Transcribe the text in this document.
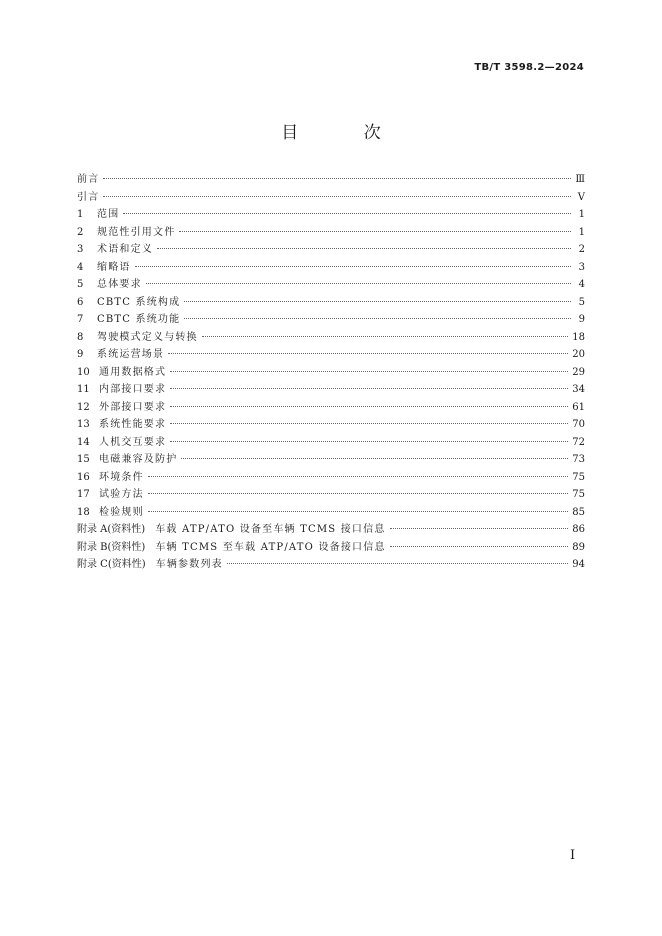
TB/T 3598.2—2024
目 次
前言	Ⅲ
引言	Ⅴ
1	范围	1
2	规范性引用文件	1
3	术语和定义	2
4	缩略语	3
5	总体要求	4
6	CBTC 系统构成	5
7	CBTC 系统功能	9
8	驾驶模式定义与转换	18
9	系统运营场景	20
10 通用数据格式	29
11 内部接口要求	34
12 外部接口要求	61
13 系统性能要求	70
14 人机交互要求	72
15 电磁兼容及防护	73
16 环境条件	75
17 试验方法	75
18 检验规则	85
附录 A(资料性) 车载 ATP/ATO 设备至车辆 TCMS 接口信息	86
附录 B(资料性) 车辆 TCMS 至车载 ATP/ATO 设备接口信息	89
附录 C(资料性) 车辆参数列表	94
Ⅰ
